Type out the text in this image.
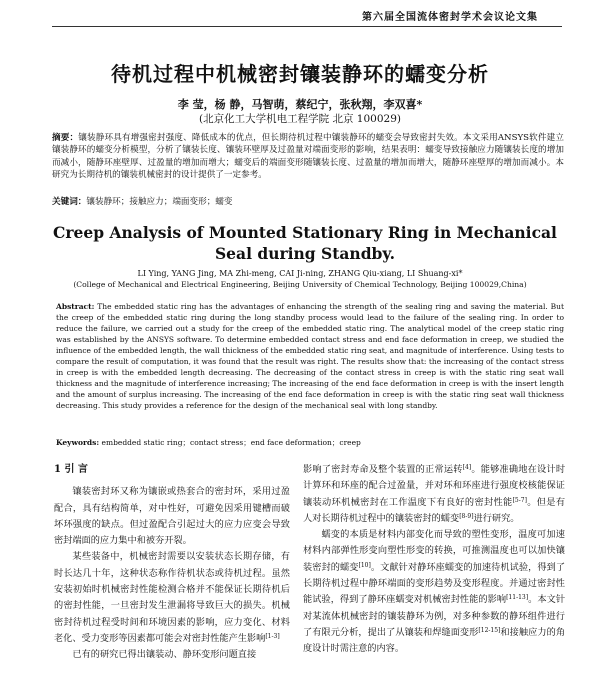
第六届全国流体密封学术会议论文集
待机过程中机械密封镶装静环的蠕变分析
李 莹，杨 静，马智萌，蔡纪宁，张秋翔，李双喜*
(北京化工大学机电工程学院 北京 100029)
摘要：镶装静环具有增强密封强度、降低成本的优点，但长期待机过程中镶装静环的蠕变会导致密封失效。本文采用ANSYS软件建立镶装静环的蠕变分析模型，分析了镶装长度、镶装环壁厚及过盈量对端面变形的影响，结果表明：蠕变导致接触应力随镶装长度的增加而减小，随静环座壁厚、过盈量的增加而增大；蠕变后的端面变形随镶装长度、过盈量的增加而增大，随静环座壁厚的增加而减小。本研究为长期待机的镶装机械密封的设计提供了一定参考。
关键词：镶装静环；接触应力；端面变形；蠕变
Creep Analysis of Mounted Stationary Ring in Mechanical Seal during Standby.
LI Ying, YANG Jing, MA Zhi-meng, CAI Ji-ning, ZHANG Qiu-xiang, LI Shuang-xi*
(College of Mechanical and Electrical Engineering, Beijing University of Chemical Technology, Beijing 100029,China)
Abstract: The embedded static ring has the advantages of enhancing the strength of the sealing ring and saving the material. But the creep of the embedded static ring during the long standby process would lead to the failure of the sealing ring. In order to reduce the failure, we carried out a study for the creep of the embedded static ring. The analytical model of the creep static ring was established by the ANSYS software. To determine embedded contact stress and end face deformation in creep, we studied the influence of the embedded length, the wall thickness of the embedded static ring seat, and magnitude of interference. Using tests to compare the result of computation, it was found that the result was right. The results show that: the increasing of the contact stress in creep is with the embedded length decreasing. The decreasing of the contact stress in creep is with the static ring seat wall thickness and the magnitude of interference increasing; The increasing of the end face deformation in creep is with the insert length and the amount of surplus increasing. The increasing of the end face deformation in creep is with the static ring seat wall thickness decreasing. This study provides a reference for the design of the mechanical seal with long standby.
Keywords: embedded static ring；contact stress；end face deformation；creep
1 引 言

镶装密封环又称为镶嵌或热套合的密封环，采用过盈配合，具有结构简单，对中性好，可避免因采用键槽而破坏环强度的缺点。但过盈配合引起过大的应力应变会导致密封端面的应力集中和被夯开裂。

某些装备中，机械密封需要以安装状态长期存储，有时长达几十年，这种状态称作待机状态或待机过程。虽然安装初始时机械密封性能检测合格并不能保证长期待机后的密封性能，一旦密封发生泄漏将导致巨大的损失。机械密封待机过程受时间和环境因素的影响，应力变化、材料老化、受力变形等因素都可能会对密封性能产生影响[1-3]

已有的研究已得出镶装动、静环变形问题直接

影响了密封寿命及整个装置的正常运转[4]。能够准确地在设计时计算环和环座的配合过盈量，并对环和环座进行强度校核能保证镶装动环机械密封在工作温度下有良好的密封性能[5-7]。但是有人对长期待机过程中的镶装密封的蠕变[8-9]进行研究。

蠕变的本质是材料内部变化而导致的塑性变形，温度可加速材料内部弹性形变向塑性形变的转换，可推测温度也可以加快镶装密封的蠕变[10]。文献针对静环座蠕变的加速待机试验，得到了长期待机过程中静环端面的变形趋势及变形程度。并通过密封性能试验，得到了静环座蠕变对机械密封性能的影响[11-13]。本文针对某流体机械密封的镶装静环为例，对多种参数的静环组件进行了有限元分析，提出了从镶装和焊缝面变形[12-15]和接触应力的角度设计时需注意的内容。
